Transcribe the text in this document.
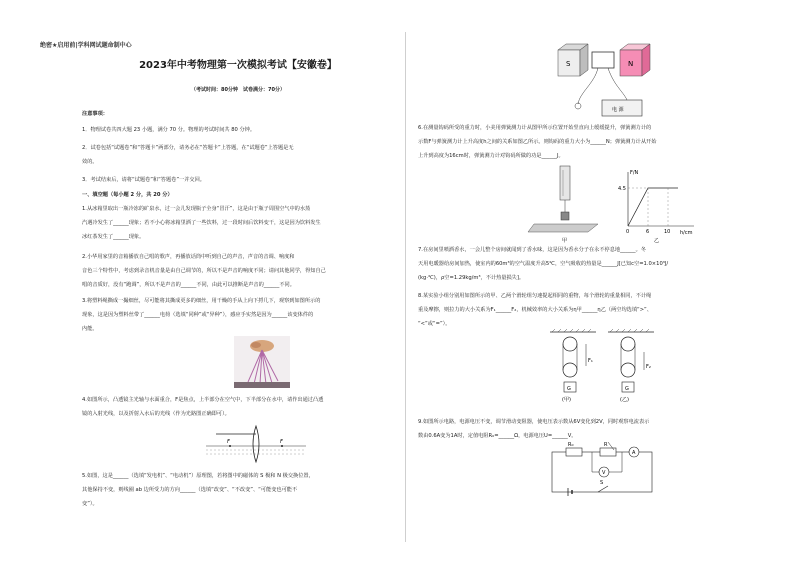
绝密★启用前|学科网试题命制中心
2023年中考物理第一次模拟考试【安徽卷】
（考试时间：80分钟　试卷满分：70分）
注意事项：
1．物理试卷共四大题 23 小题，满分 70 分。物理的考试时间共 80 分钟。
2．试卷包括“试题卷”和“答题卡”两部分，请务必在“答题卡”上答题，在“试题卷”上答题是无
效的。
3．考试结束后，请将“试题卷”和“答题卷”一并交回。
一、填空题（每小题 2 分，共 20 分）
1.从冰箱里取出一瓶冷冻的矿泉水，过一会儿发现瓶子全身“冒汗”，这是由于瓶子周围空气中的水蒸
汽遇冷发生了______现象；若不小心将冰箱里洒了一些饮料，过一段时间后饮料变干，这是因为饮料发生
冰红茶发生了______现象。
2.小华用家里的音箱播放自己唱的歌声，再播放话筒中听到自己的声音，声音的音调、响度和
音色三个特性中，考虑到录音机音量是由自己调节的，所以不是声音的响度不同；请问其他同学，得知自己
唱的音质好，没有“跑调”，所以不是声音的______不同，由此可以推断是声音的______不同。
3.将塑料绳撕成一撮细丝，尽可能将其撕成更多的细丝，用干燥的手从上向下捋几下，观察到如图所示的
现象，这是因为塑料丝带了______电荷（选填“同种”或“异种”），感应手实然是因为______该变体件的
内能。
4.如图所示，凸透镜主光轴与水面重合，F是焦点，上半部分在空气中，下半部分在水中，请作出通过凸透
镜的入射光线，以及折射入水后的光线（作为光路图正确即可）。
F	F
5.如图，这是______（选填“发电机”、“电动机”）原理图，若将图中的磁体的 S 极和 N 极交换位置，
其他保持不变，则线圈 ab 边所受力的方向______（选填“改变”、“不改变”、“可能变也可能不
变”）。
S	N
电 源
6.在测量钩码所受的重力时，小美用弹簧测力计从图甲所示位置开始竖直向上缓缓提升，弹簧测力计的
示数F与弹簧测力计上升高度h之间的关系如图乙所示。则钩码的重力大小为______N；弹簧测力计从开始
上升到高度为16cm时，弹簧测力计对钩码所做的功是______J。
甲
F/N
h/cm
4.5
0	6	10
乙
7.在房间里喷洒香水，一会儿整个房间就闻到了香水味，这是因为香水分子在永不停息地______。冬
天用电暖器给房间加热，使室内的60m³的空气温度升高5℃，空气吸收的热量是______J[已知c空=1.0×10³J/
(kg·℃)，ρ空=1.29kg/m³，不计热量损失]。
8.某实验小组分别用如图所示的甲、乙两个滑轮组匀速提起相同的重物，每个滑轮的重量相同，不计绳
重及摩擦，则拉力的大小关系为F₁______F₂，机械效率的大小关系为η甲______η乙（两空均选填“>”、
“<”或“=”）。
F₁
G
(甲)
F₂
G
(乙)
9.如图所示电路，电源电压不变，调节滑动变阻器，使电压表示数从6V变化到2V，同时观察电流表示
数由0.6A变为1A时，定值电阻R₀=______Ω，电源电压U=______V。
R₀	R
A
V
S
